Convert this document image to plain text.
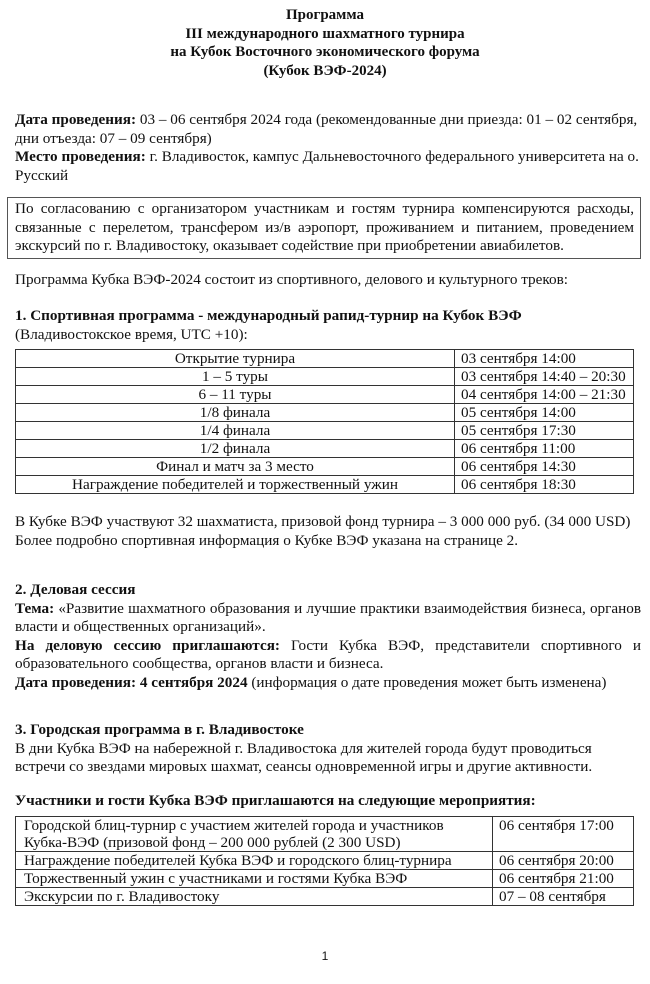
Программа
III международного шахматного турнира
на Кубок Восточного экономического форума
(Кубок ВЭФ-2024)
Дата проведения: 03 – 06 сентября 2024 года (рекомендованные дни приезда: 01 – 02 сентября, дни отъезда: 07 – 09 сентября)
Место проведения: г. Владивосток, кампус Дальневосточного федерального университета на о. Русский
По согласованию с организатором участникам и гостям турнира компенсируются расходы, связанные с перелетом, трансфером из/в аэропорт, проживанием и питанием, проведением экскурсий по г. Владивостоку, оказывает содействие при приобретении авиабилетов.
Программа Кубка ВЭФ-2024 состоит из спортивного, делового и культурного треков:
1. Спортивная программа - международный рапид-турнир на Кубок ВЭФ (Владивостокское время, UTC +10):
Открытие турнира	03 сентября 14:00
1 – 5 туры	03 сентября 14:40 – 20:30
6 – 11 туры	04 сентября 14:00 – 21:30
1/8 финала	05 сентября 14:00
1/4 финала	05 сентября 17:30
1/2 финала	06 сентября 11:00
Финал и матч за 3 место	06 сентября 14:30
Награждение победителей и торжественный ужин	06 сентября 18:30
В Кубке ВЭФ участвуют 32 шахматиста, призовой фонд турнира – 3 000 000 руб. (34 000 USD)
Более подробно спортивная информация о Кубке ВЭФ указана на странице 2.
2. Деловая сессия
Тема: «Развитие шахматного образования и лучшие практики взаимодействия бизнеса, органов власти и общественных организаций».
На деловую сессию приглашаются: Гости Кубка ВЭФ, представители спортивного и образовательного сообщества, органов власти и бизнеса.
Дата проведения: 4 сентября 2024 (информация о дате проведения может быть изменена)
3. Городская программа в г. Владивостоке
В дни Кубка ВЭФ на набережной г. Владивостока для жителей города будут проводиться встречи со звездами мировых шахмат, сеансы одновременной игры и другие активности.
Участники и гости Кубка ВЭФ приглашаются на следующие мероприятия:
Городской блиц-турнир с участием жителей города и участников Кубка-ВЭФ (призовой фонд – 200 000 рублей (2 300 USD)	06 сентября 17:00
Награждение победителей Кубка ВЭФ и городского блиц-турнира	06 сентября 20:00
Торжественный ужин с участниками и гостями Кубка ВЭФ	06 сентября 21:00
Экскурсии по г. Владивостоку	07 – 08 сентября
1
